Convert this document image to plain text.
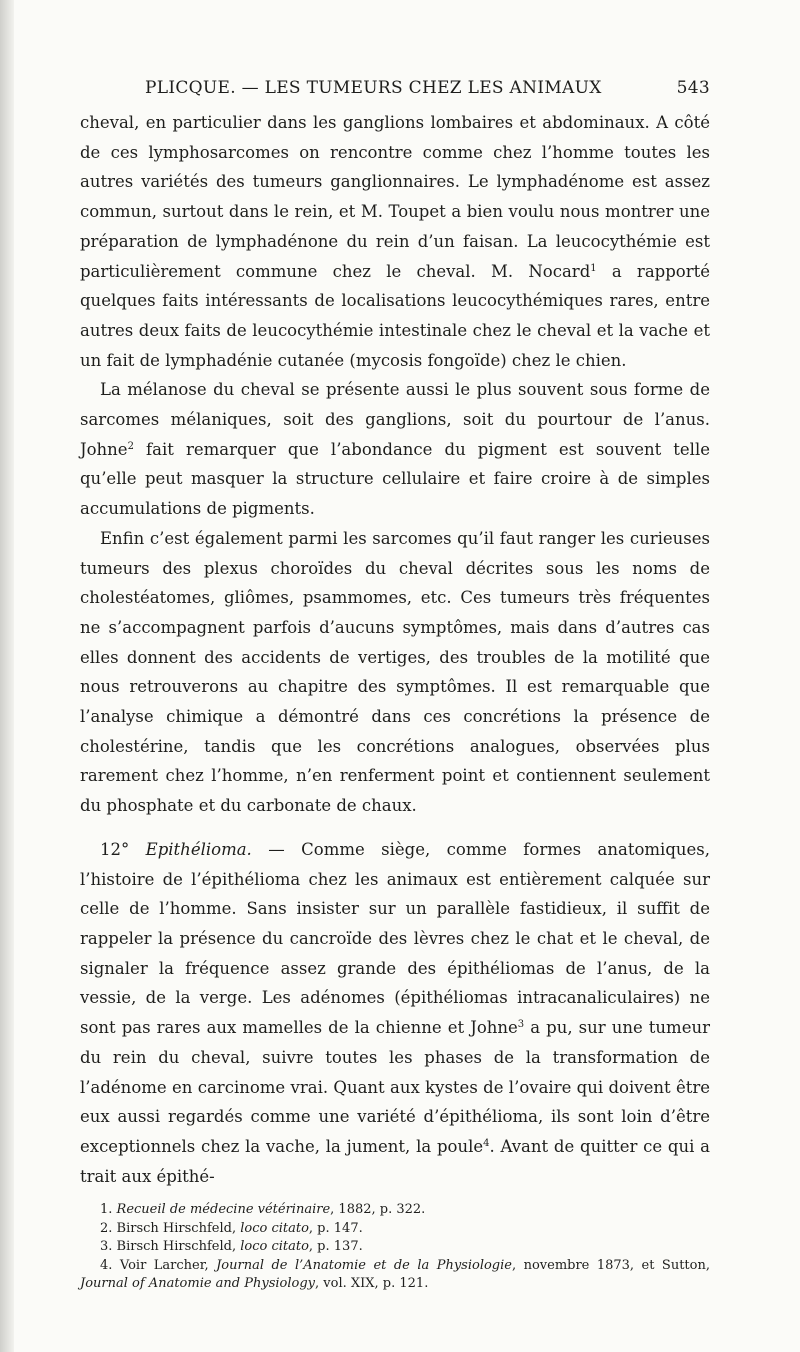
PLICQUE. — LES TUMEURS CHEZ LES ANIMAUX	543

cheval, en particulier dans les ganglions lombaires et abdominaux. A côté de ces lymphosarcomes on rencontre comme chez l’homme toutes les autres variétés des tumeurs ganglionnaires. Le lymphadénome est assez commun, surtout dans le rein, et M. Toupet a bien voulu nous montrer une préparation de lymphadénone du rein d’un faisan. La leucocythémie est particulièrement commune chez le cheval. M. Nocard$^1$ a rapporté quelques faits intéressants de localisations leucocythémiques rares, entre autres deux faits de leucocythémie intestinale chez le cheval et la vache et un fait de lymphadénie cutanée (mycosis fongoïde) chez le chien.

La mélanose du cheval se présente aussi le plus souvent sous forme de sarcomes mélaniques, soit des ganglions, soit du pourtour de l’anus. Johne$^2$ fait remarquer que l’abondance du pigment est souvent telle qu’elle peut masquer la structure cellulaire et faire croire à de simples accumulations de pigments.

Enfin c’est également parmi les sarcomes qu’il faut ranger les curieuses tumeurs des plexus choroïdes du cheval décrites sous les noms de cholestéatomes, gliômes, psammomes, etc. Ces tumeurs très fréquentes ne s’accompagnent parfois d’aucuns symptômes, mais dans d’autres cas elles donnent des accidents de vertiges, des troubles de la motilité que nous retrouverons au chapitre des symptômes. Il est remarquable que l’analyse chimique a démontré dans ces concrétions la présence de cholestérine, tandis que les concrétions analogues, observées plus rarement chez l’homme, n’en renferment point et contiennent seulement du phosphate et du carbonate de chaux.

12° Epithélioma. — Comme siège, comme formes anatomiques, l’histoire de l’épithélioma chez les animaux est entièrement calquée sur celle de l’homme. Sans insister sur un parallèle fastidieux, il suffit de rappeler la présence du cancroïde des lèvres chez le chat et le cheval, de signaler la fréquence assez grande des épithéliomas de l’anus, de la vessie, de la verge. Les adénomes (épithéliomas intracanaliculaires) ne sont pas rares aux mamelles de la chienne et Johne$^3$ a pu, sur une tumeur du rein du cheval, suivre toutes les phases de la transformation de l’adénome en carcinome vrai. Quant aux kystes de l’ovaire qui doivent être eux aussi regardés comme une variété d’épithélioma, ils sont loin d’être exceptionnels chez la vache, la jument, la poule$^4$. Avant de quitter ce qui a trait aux épithé-

1. Recueil de médecine vétérinaire, 1882, p. 322.
2. Birsch Hirschfeld, loco citato, p. 147.
3. Birsch Hirschfeld, loco citato, p. 137.
4. Voir Larcher, Journal de l’Anatomie et de la Physiologie, novembre 1873, et Sutton, Journal of Anatomie and Physiology, vol. XIX, p. 121.
